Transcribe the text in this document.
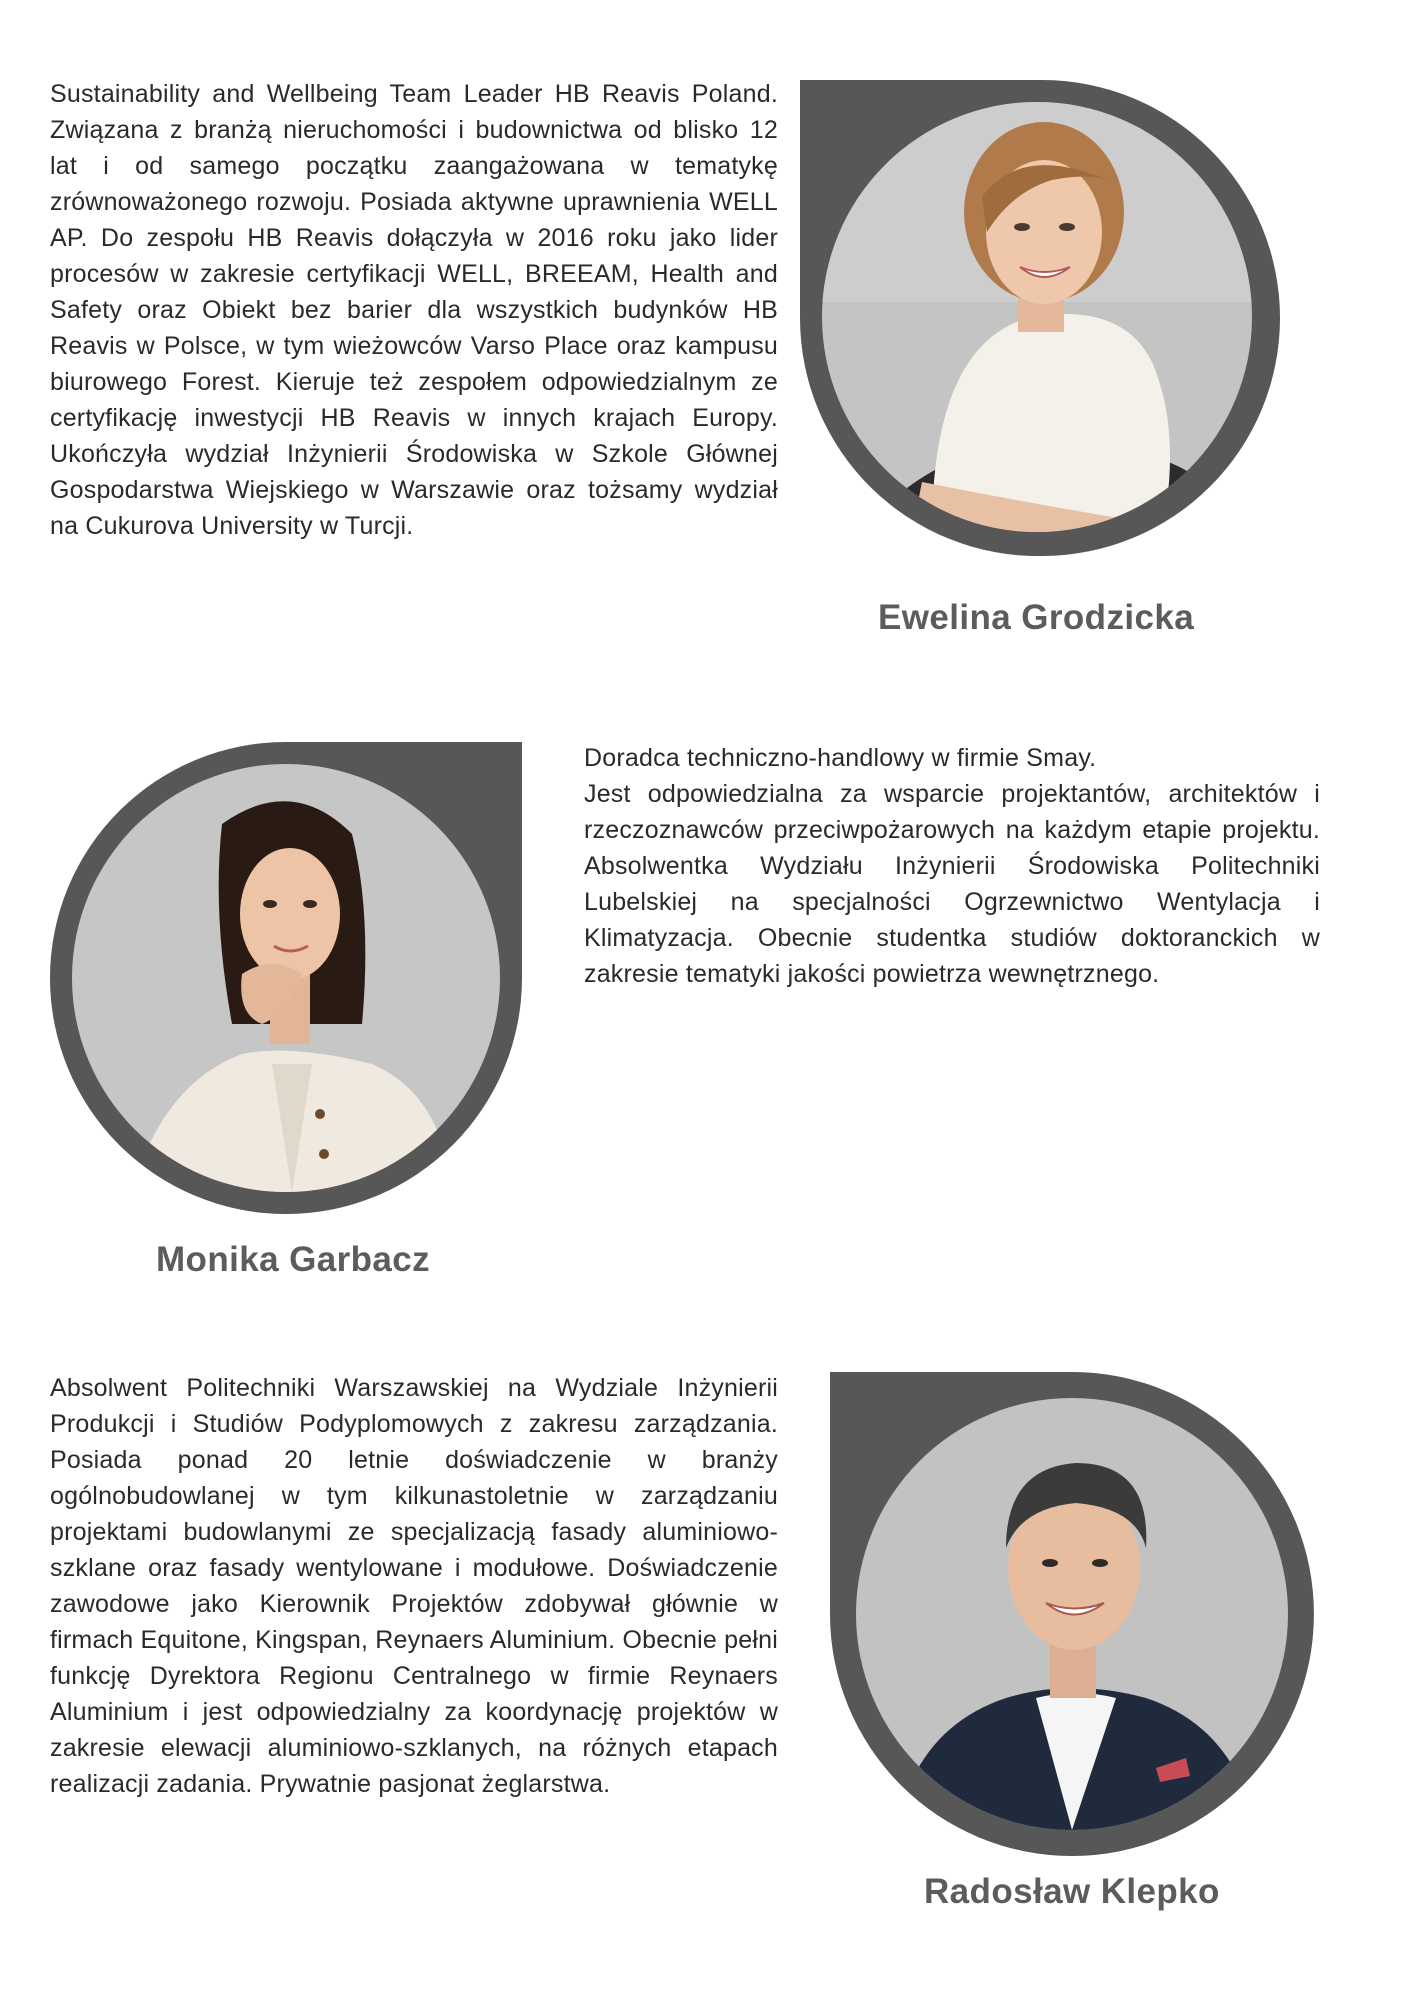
Sustainability and Wellbeing Team Leader HB Reavis Poland. Związana z branżą nieruchomości i budownictwa od blisko 12 lat i od samego początku zaangażowana w tematykę zrównoważonego rozwoju. Posiada aktywne uprawnienia WELL AP. Do zespołu HB Reavis dołączyła w 2016 roku jako lider procesów w zakresie certyfikacji WELL, BREEAM, Health and Safety oraz Obiekt bez barier dla wszystkich budynków HB Reavis w Polsce, w tym wieżowców Varso Place oraz kampusu biurowego Forest. Kieruje też zespołem odpowiedzialnym ze certyfikację inwestycji HB Reavis w innych krajach Europy. Ukończyła wydział Inżynierii Środowiska w Szkole Głównej Gospodarstwa Wiejskiego w Warszawie oraz tożsamy wydział na Cukurova University w Turcji.

Ewelina Grodzicka
Doradca techniczno-handlowy w firmie Smay.
Jest odpowiedzialna za wsparcie projektantów, architektów i rzeczoznawców przeciwpożarowych na każdym etapie projektu. Absolwentka Wydziału Inżynierii Środowiska Politechniki Lubelskiej na specjalności Ogrzewnictwo Wentylacja i Klimatyzacja. Obecnie studentka studiów doktoranckich w zakresie tematyki jakości powietrza wewnętrznego.
Monika Garbacz

Absolwent Politechniki Warszawskiej na Wydziale Inżynierii Produkcji i Studiów Podyplomowych z zakresu zarządzania. Posiada ponad 20 letnie doświadczenie w branży ogólnobudowlanej w tym kilkunastoletnie w zarządzaniu projektami budowlanymi ze specjalizacją fasady aluminiowo-szklane oraz fasady wentylowane i modułowe. Doświadczenie zawodowe jako Kierownik Projektów zdobywał głównie w firmach Equitone, Kingspan, Reynaers Aluminium. Obecnie pełni funkcję Dyrektora Regionu Centralnego w firmie Reynaers Aluminium i jest odpowiedzialny za koordynację projektów w zakresie elewacji aluminiowo-szklanych, na różnych etapach realizacji zadania. Prywatnie pasjonat żeglarstwa.

Radosław Klepko
